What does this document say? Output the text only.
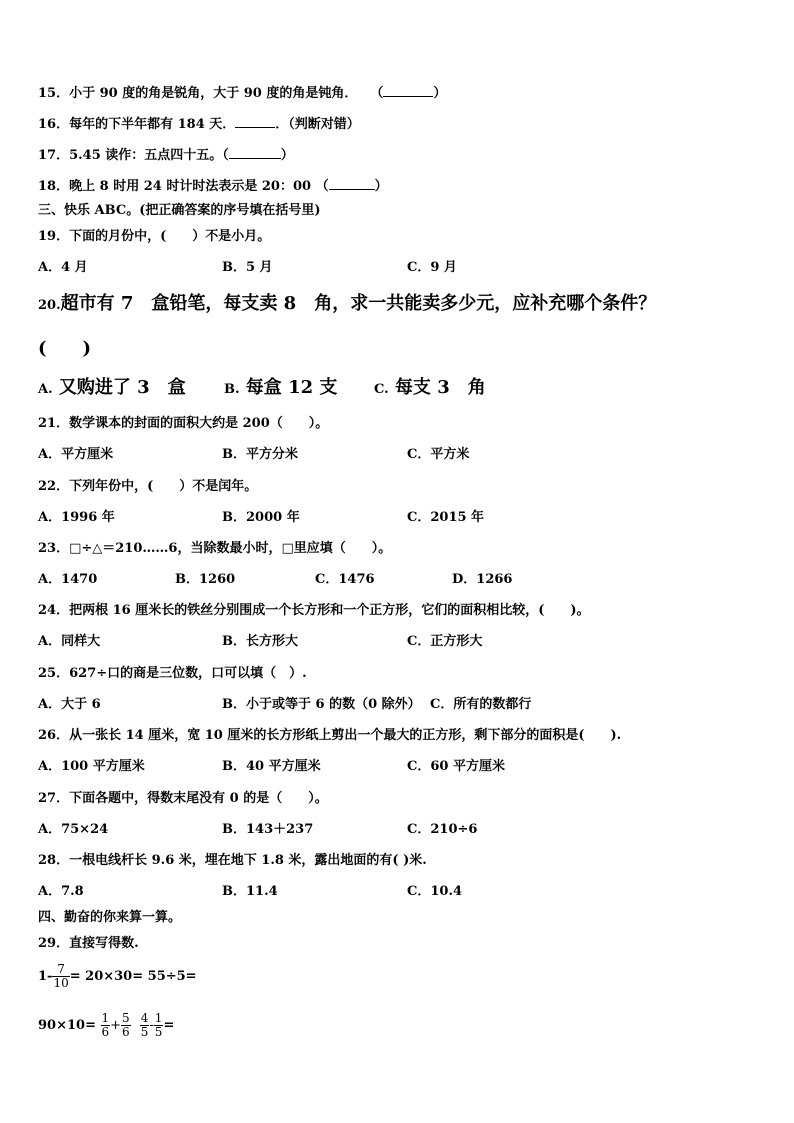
15．小于 90 度的角是锐角，大于 90 度的角是钝角．　　 （	）
16．每年的下半年都有 184 天．	．（判断对错）
17．5.45 读作：五点四十五。（	）
18．晚上 8 时用 24 时计时法表示是 20：00 （	）
三、快乐 ABC。(把正确答案的序号填在括号里)
19．下面的月份中，(　　）不是小月。
A．4 月	B．5 月	C．9 月
20.超市有 7　盒铅笔，每支卖 8　角，求一共能卖多少元，应补充哪个条件？
(　　)
A. 又购进了 3　盒	B. 每盒 12 支	C. 每支 3　角
21．数学课本的封面的面积大约是 200（　　）。
A．平方厘米	B．平方分米	C．平方米
22．下列年份中，(　　）不是闰年。
A．1996 年	B．2000 年	C．2015 年
23．□÷△＝210……6，当除数最小时，□里应填（　　）。
A．1470	B．1260	C．1476	D．1266
24．把两根 16 厘米长的铁丝分别围成一个长方形和一个正方形，它们的面积相比较，(　　)。
A．同样大	B．长方形大	C．正方形大
25．627÷口的商是三位数，口可以填（　）.
A．大于 6	B．小于或等于 6 的数（0 除外） C．所有的数都行
26．从一张长 14 厘米，宽 10 厘米的长方形纸上剪出一个最大的正方形，剩下部分的面积是(　　).
A．100 平方厘米	B．40 平方厘米	C．60 平方厘米
27．下面各题中，得数末尾没有 0 的是（　　）。
A．75×24	B．143＋237	C．210÷6
28．一根电线杆长 9.6 米，埋在地下 1.8 米，露出地面的有( )米.
A．7.8	B．11.4	C．10.4
四、勤奋的你来算一算。
29．直接写得数.
$1- \frac{7}{10} = 20\times 30= 55\div 5=$
$90\times 10= \frac{1}{6} + \frac{5}{6}$
$\frac{4}{5} - \frac{1}{5}$ =
